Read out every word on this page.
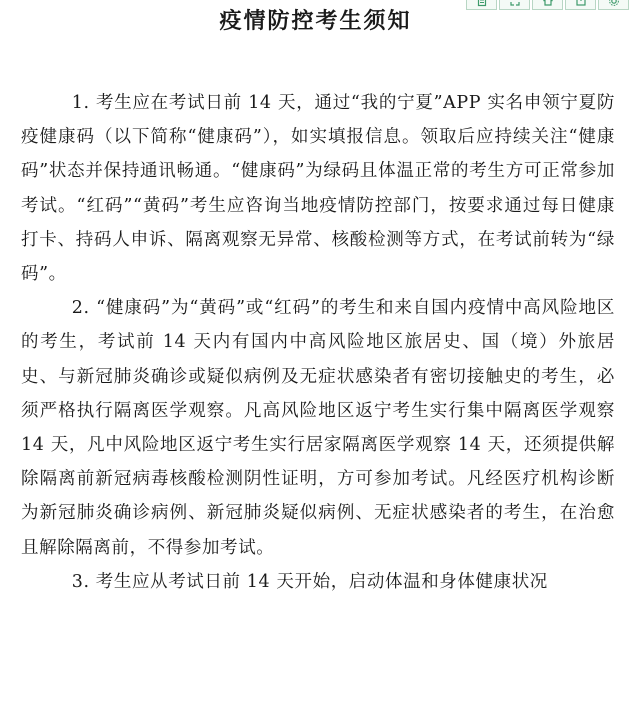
疫情防控考生须知

1. 考生应在考试日前 14 天，通过“我的宁夏”APP 实名申领宁夏防疫健康码（以下简称“健康码”），如实填报信息。领取后应持续关注“健康码”状态并保持通讯畅通。“健康码”为绿码且体温正常的考生方可正常参加考试。“红码”“黄码”考生应咨询当地疫情防控部门，按要求通过每日健康打卡、持码人申诉、隔离观察无异常、核酸检测等方式，在考试前转为“绿码”。

2. “健康码”为“黄码”或“红码”的考生和来自国内疫情中高风险地区的考生，考试前 14 天内有国内中高风险地区旅居史、国（境）外旅居史、与新冠肺炎确诊或疑似病例及无症状感染者有密切接触史的考生，必须严格执行隔离医学观察。凡高风险地区返宁考生实行集中隔离医学观察 14 天，凡中风险地区返宁考生实行居家隔离医学观察 14 天，还须提供解除隔离前新冠病毒核酸检测阴性证明，方可参加考试。凡经医疗机构诊断为新冠肺炎确诊病例、新冠肺炎疑似病例、无症状感染者的考生，在治愈且解除隔离前，不得参加考试。

3. 考生应从考试日前 14 天开始，启动体温和身体健康状况
